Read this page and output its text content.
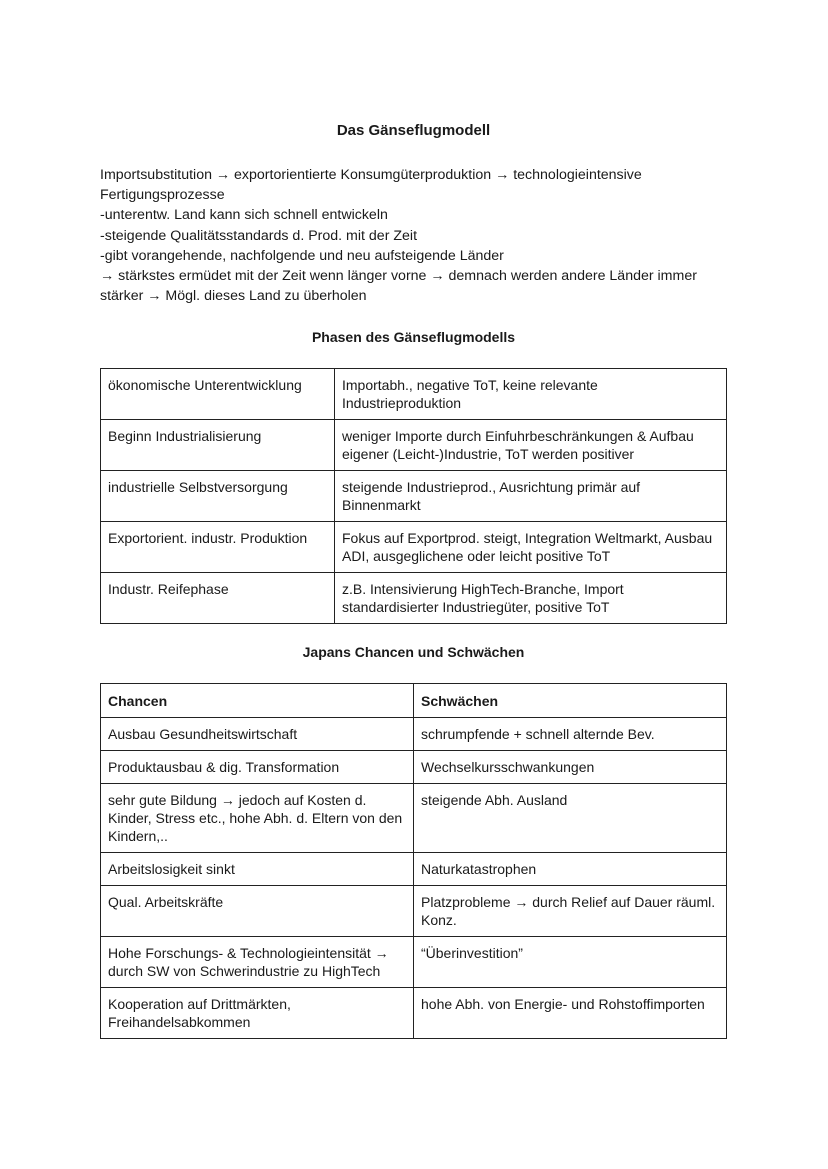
Das Gänseflugmodell

Importsubstitution → exportorientierte Konsumgüterproduktion → technologieintensive Fertigungsprozesse

-unterentw. Land kann sich schnell entwickeln

-steigende Qualitätsstandards d. Prod. mit der Zeit

-gibt vorangehende, nachfolgende und neu aufsteigende Länder

→ stärkstes ermüdet mit der Zeit wenn länger vorne → demnach werden andere Länder immer stärker → Mögl. dieses Land zu überholen

Phasen des Gänseflugmodells
ökonomische Unterentwicklung	Importabh., negative ToT, keine relevante Industrieproduktion
Beginn Industrialisierung	weniger Importe durch Einfuhrbeschränkungen & Aufbau eigener (Leicht-)Industrie, ToT werden positiver
industrielle Selbstversorgung	steigende Industrieprod., Ausrichtung primär auf Binnenmarkt
Exportorient. industr. Produktion	Fokus auf Exportprod. steigt, Integration Weltmarkt, Ausbau ADI, ausgeglichene oder leicht positive ToT
Industr. Reifephase	z.B. Intensivierung HighTech-Branche, Import standardisierter Industriegüter, positive ToT
Japans Chancen und Schwächen
Chancen	Schwächen
Ausbau Gesundheitswirtschaft	schrumpfende + schnell alternde Bev.
Produktausbau & dig. Transformation	Wechselkursschwankungen
sehr gute Bildung → jedoch auf Kosten d. Kinder, Stress etc., hohe Abh. d. Eltern von den Kindern,..	steigende Abh. Ausland
Arbeitslosigkeit sinkt	Naturkatastrophen
Qual. Arbeitskräfte	Platzprobleme → durch Relief auf Dauer räuml. Konz.
Hohe Forschungs- & Technologieintensität → durch SW von Schwerindustrie zu HighTech	“Überinvestition”
Kooperation auf Drittmärkten, Freihandelsabkommen	hohe Abh. von Energie- und Rohstoffimporten
